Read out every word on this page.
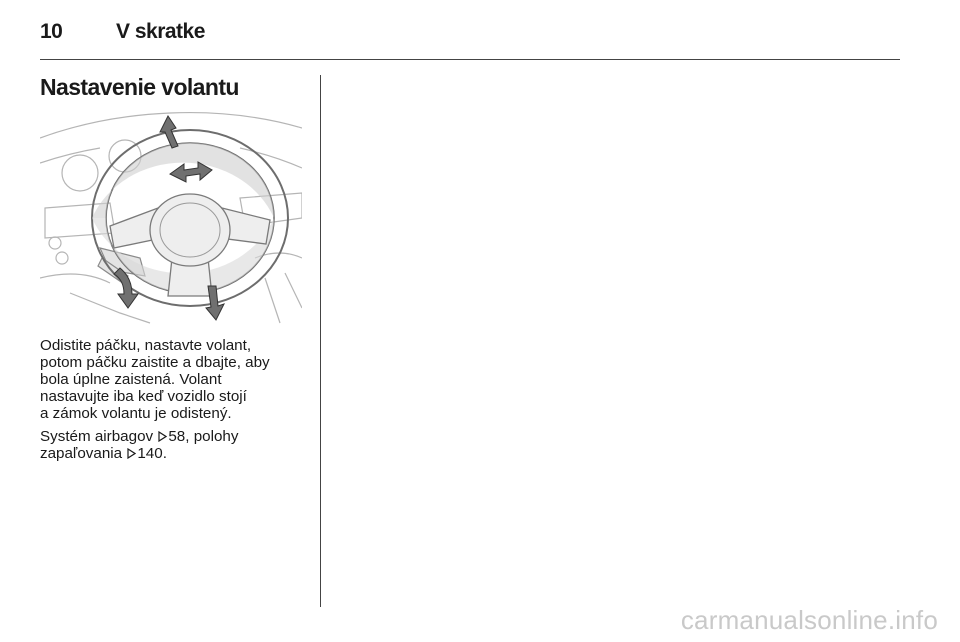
10	V skratke
Nastavenie volantu

Odistite páčku, nastavte volant,
potom páčku zaistite a dbajte, aby
bola úplne zaistená. Volant
nastavujte iba keď vozidlo stojí
a zámok volantu je odistený.

Systém airbagov 58, polohy
zapaľovania 140.

carmanualsonline.info
